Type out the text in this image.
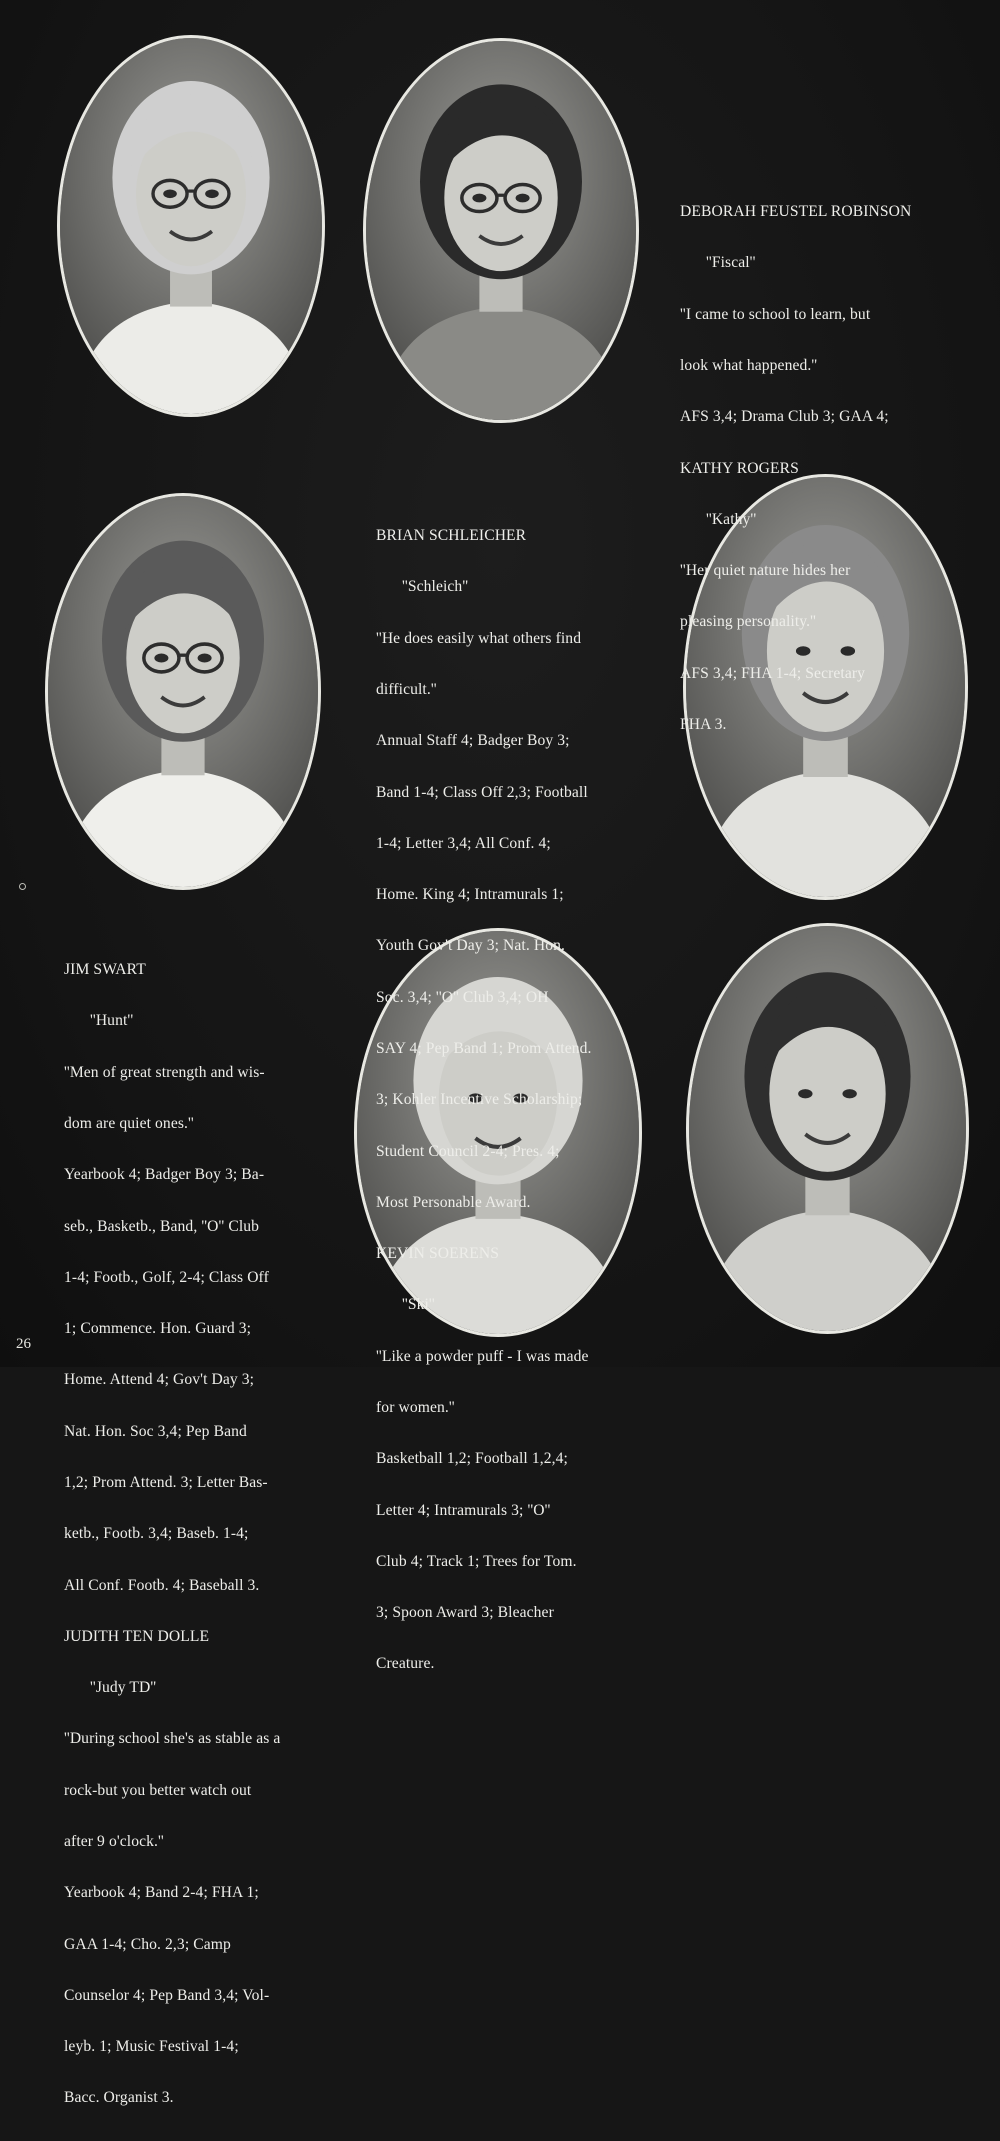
DEBORAH FEUSTEL ROBINSON

''Fiscal''

''I came to school to learn, but

look what happened.''

AFS 3,4; Drama Club 3; GAA 4;

KATHY ROGERS

''Kathy''

''Her quiet nature hides her

pleasing personality.''

AFS 3,4; FHA 1-4; Secretary

FHA 3.

BRIAN SCHLEICHER

''Schleich''

''He does easily what others find

difficult.''

Annual Staff 4; Badger Boy 3;

Band 1-4; Class Off 2,3; Football

1-4; Letter 3,4; All Conf. 4;

Home. King 4; Intramurals 1;

Youth Gov't Day 3; Nat. Hon.

Soc. 3,4; ''O'' Club 3,4; OH

SAY 4; Pep Band 1; Prom Attend.

3; Kohler Incentive Scholarship;

Student Council 2-4; Pres. 4;

Most Personable Award.

KEVIN SOERENS

''Ski''

''Like a powder puff - I was made

for women.''

Basketball 1,2; Football 1,2,4;

Letter 4; Intramurals 3; ''O''

Club 4; Track 1; Trees for Tom.

3; Spoon Award 3; Bleacher

Creature.

JIM SWART

''Hunt''

''Men of great strength and wis-

dom are quiet ones.''

Yearbook 4; Badger Boy 3; Ba-

seb., Basketb., Band, ''O'' Club

1-4; Footb., Golf, 2-4; Class Off

1; Commence. Hon. Guard 3;

Home. Attend 4; Gov't Day 3;

Nat. Hon. Soc 3,4; Pep Band

1,2; Prom Attend. 3; Letter Bas-

ketb., Footb. 3,4; Baseb. 1-4;

All Conf. Footb. 4; Baseball 3.

JUDITH TEN DOLLE

''Judy TD''

''During school she's as stable as a

rock-but you better watch out

after 9 o'clock.''

Yearbook 4; Band 2-4; FHA 1;

GAA 1-4; Cho. 2,3; Camp

Counselor 4; Pep Band 3,4; Vol-

leyb. 1; Music Festival 1-4;

Bacc. Organist 3.

26
